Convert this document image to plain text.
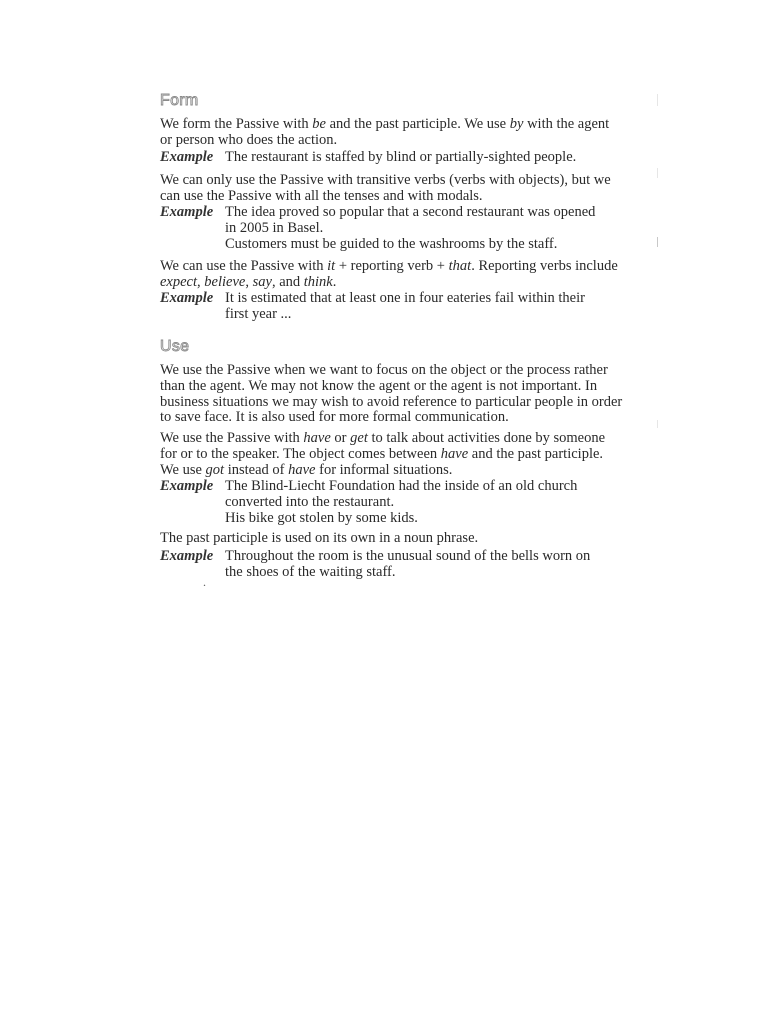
Form

We form the Passive with be and the past participle. We use by with the agent

or person who does the action.

Example The restaurant is staffed by blind or partially-sighted people.

We can only use the Passive with transitive verbs (verbs with objects), but we

can use the Passive with all the tenses and with modals.

Example The idea proved so popular that a second restaurant was opened
in 2005 in Basel.
Customers must be guided to the washrooms by the staff.

We can use the Passive with it + reporting verb + that. Reporting verbs include

expect, believe, say, and think.

Example It is estimated that at least one in four eateries fail within their
first year ...
Use

We use the Passive when we want to focus on the object or the process rather

than the agent. We may not know the agent or the agent is not important. In

business situations we may wish to avoid reference to particular people in order

to save face. It is also used for more formal communication.

We use the Passive with have or get to talk about activities done by someone

for or to the speaker. The object comes between have and the past participle.

We use got instead of have for informal situations.

Example The Blind-Liecht Foundation had the inside of an old church
converted into the restaurant.
His bike got stolen by some kids.

The past participle is used on its own in a noun phrase.

Example Throughout the room is the unusual sound of the bells worn on
the shoes of the waiting staff.
.
